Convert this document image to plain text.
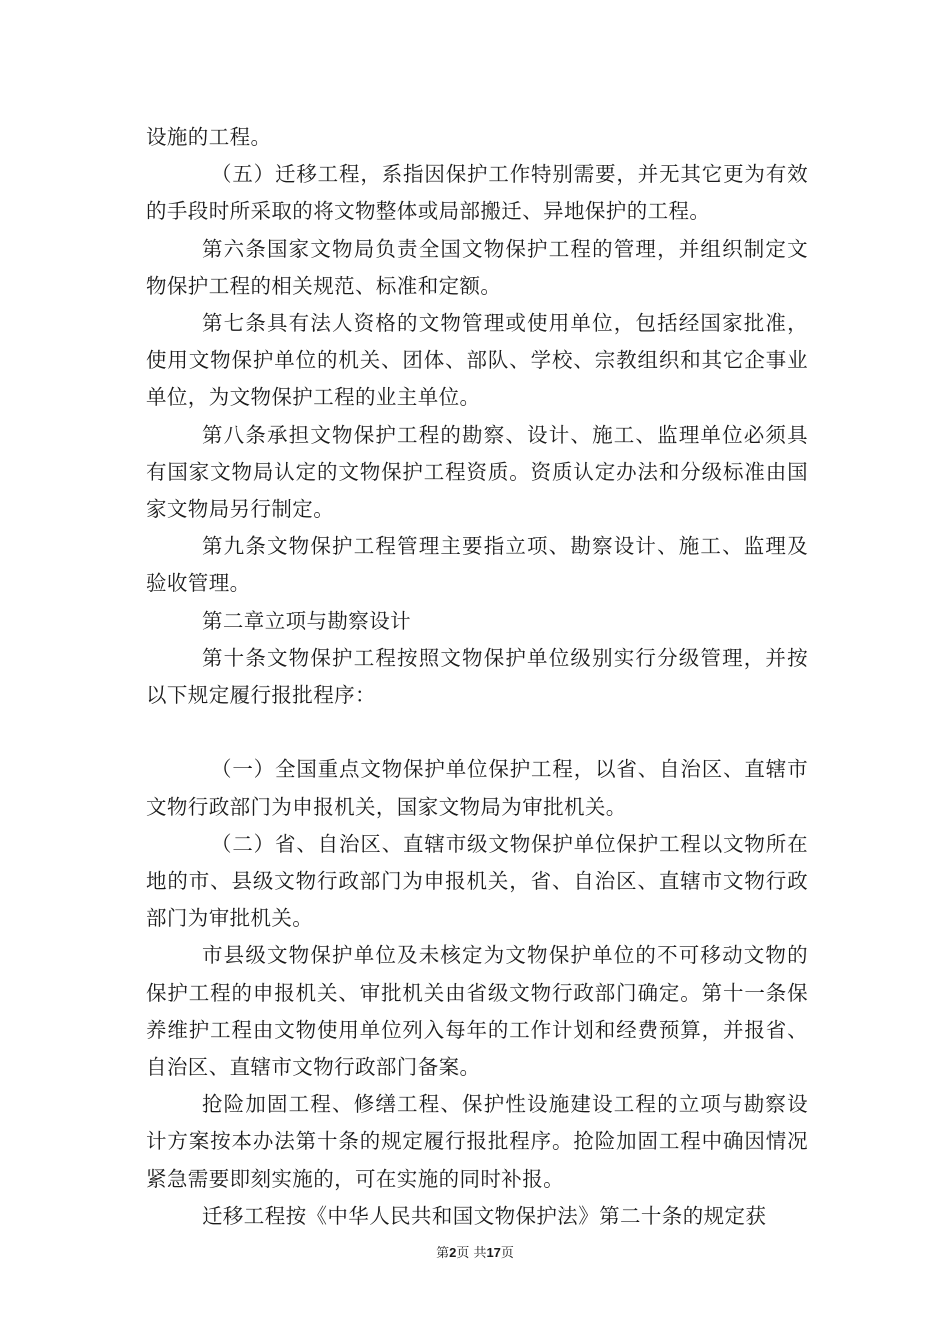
设施的工程。

（五）迁移工程，系指因保护工作特别需要，并无其它更为有效的手段时所采取的将文物整体或局部搬迁、异地保护的工程。

第六条国家文物局负责全国文物保护工程的管理，并组织制定文物保护工程的相关规范、标准和定额。

第七条具有法人资格的文物管理或使用单位，包括经国家批准，使用文物保护单位的机关、团体、部队、学校、宗教组织和其它企事业单位，为文物保护工程的业主单位。

第八条承担文物保护工程的勘察、设计、施工、监理单位必须具有国家文物局认定的文物保护工程资质。资质认定办法和分级标准由国家文物局另行制定。

第九条文物保护工程管理主要指立项、勘察设计、施工、监理及验收管理。

第二章立项与勘察设计

第十条文物保护工程按照文物保护单位级别实行分级管理，并按以下规定履行报批程序：

（一）全国重点文物保护单位保护工程，以省、自治区、直辖市文物行政部门为申报机关，国家文物局为审批机关。

（二）省、自治区、直辖市级文物保护单位保护工程以文物所在地的市、县级文物行政部门为申报机关，省、自治区、直辖市文物行政部门为审批机关。

市县级文物保护单位及未核定为文物保护单位的不可移动文物的保护工程的申报机关、审批机关由省级文物行政部门确定。第十一条保养维护工程由文物使用单位列入每年的工作计划和经费预算，并报省、自治区、直辖市文物行政部门备案。

抢险加固工程、修缮工程、保护性设施建设工程的立项与勘察设计方案按本办法第十条的规定履行报批程序。抢险加固工程中确因情况紧急需要即刻实施的，可在实施的同时补报。

迁移工程按《中华人民共和国文物保护法》第二十条的规定获

第2页 共17页
